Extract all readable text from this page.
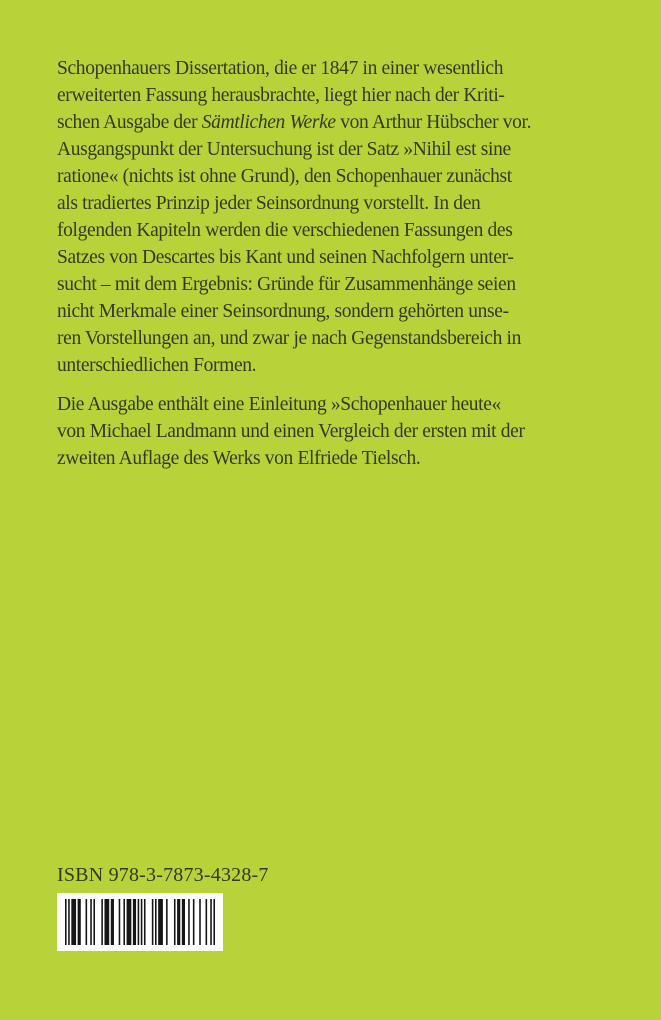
Schopenhauers Dissertation, die er 1847 in einer wesentlich
erweiterten Fassung herausbrachte, liegt hier nach der Kriti-
schen Ausgabe der Sämtlichen Werke von Arthur Hübscher vor.
Ausgangspunkt der Untersuchung ist der Satz »Nihil est sine
ratione« (nichts ist ohne Grund), den Schopenhauer zunächst
als tradiertes Prinzip jeder Seinsordnung vorstellt. In den
folgenden Kapiteln werden die verschiedenen Fassungen des
Satzes von Descartes bis Kant und seinen Nachfolgern unter-
sucht – mit dem Ergebnis: Gründe für Zusammenhänge seien
nicht Merkmale einer Seinsordnung, sondern gehörten unse-
ren Vorstellungen an, und zwar je nach Gegenstandsbereich in
unterschiedlichen Formen.
Die Ausgabe enthält eine Einleitung »Schopenhauer heute«
von Michael Landmann und einen Vergleich der ersten mit der
zweiten Auflage des Werks von Elfriede Tielsch.
ISBN 978-3-7873-4328-7
